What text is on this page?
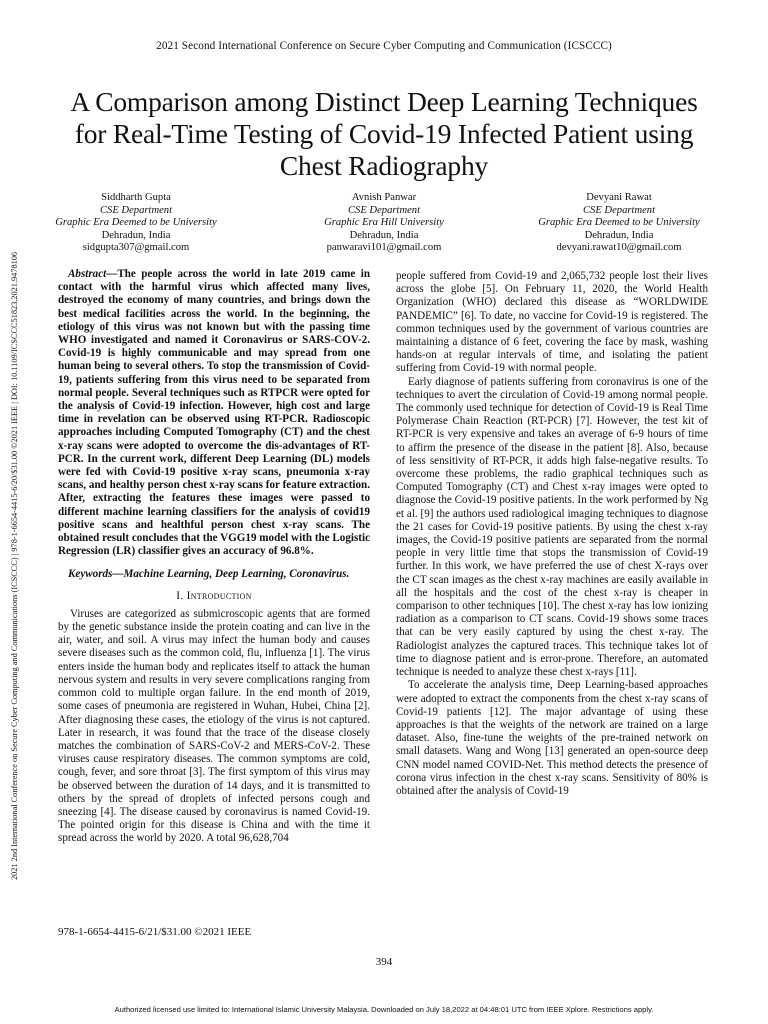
2021 2nd International Conference on Secure Cyber Computing and Communications (ICSCCC) | 978-1-6654-4415-6/20/$31.00 ©2021 IEEE | DOI: 10.1109/ICSCCC51823.2021.9478106
2021 Second International Conference on Secure Cyber Computing and Communication (ICSCCC)
A Comparison among Distinct Deep Learning Techniques for Real-Time Testing of Covid-19 Infected Patient using Chest Radiography
Siddharth Gupta
CSE Department
Graphic Era Deemed to be University
Dehradun, India
sidgupta307@gmail.com
Avnish Panwar
CSE Department
Graphic Era Hill University
Dehradun, India
panwaravi101@gmail.com
Devyani Rawat
CSE Department
Graphic Era Deemed to be University
Dehradun, India
devyani.rawat10@gmail.com

Abstract—The people across the world in late 2019 came in contact with the harmful virus which affected many lives, destroyed the economy of many countries, and brings down the best medical facilities across the world. In the beginning, the etiology of this virus was not known but with the passing time WHO investigated and named it Coronavirus or SARS-COV-2. Covid-19 is highly communicable and may spread from one human being to several others. To stop the transmission of Covid-19, patients suffering from this virus need to be separated from normal people. Several techniques such as RTPCR were opted for the analysis of Covid-19 infection. However, high cost and large time in revelation can be observed using RT-PCR. Radioscopic approaches including Computed Tomography (CT) and the chest x-ray scans were adopted to overcome the dis-advantages of RT-PCR. In the current work, different Deep Learning (DL) models were fed with Covid-19 positive x-ray scans, pneumonia x-ray scans, and healthy person chest x-ray scans for feature extraction. After, extracting the features these images were passed to different machine learning classifiers for the analysis of covid19 positive scans and healthful person chest x-ray scans. The obtained result concludes that the VGG19 model with the Logistic Regression (LR) classifier gives an accuracy of 96.8%.

Keywords—Machine Learning, Deep Learning, Coronavirus.

I. Introduction

Viruses are categorized as submicroscopic agents that are formed by the genetic substance inside the protein coating and can live in the air, water, and soil. A virus may infect the human body and causes severe diseases such as the common cold, flu, influenza [1]. The virus enters inside the human body and replicates itself to attack the human nervous system and results in very severe complications ranging from common cold to multiple organ failure. In the end month of 2019, some cases of pneumonia are registered in Wuhan, Hubei, China [2]. After diagnosing these cases, the etiology of the virus is not captured. Later in research, it was found that the trace of the disease closely matches the combination of SARS-CoV-2 and MERS-CoV-2. These viruses cause respiratory diseases. The common symptoms are cold, cough, fever, and sore throat [3]. The first symptom of this virus may be observed between the duration of 14 days, and it is transmitted to others by the spread of droplets of infected persons cough and sneezing [4]. The disease caused by coronavirus is named Covid-19. The pointed origin for this disease is China and with the time it spread across the world by 2020. A total 96,628,704

people suffered from Covid-19 and 2,065,732 people lost their lives across the globe [5]. On February 11, 2020, the World Health Organization (WHO) declared this disease as “WORLDWIDE PANDEMIC” [6]. To date, no vaccine for Covid-19 is registered. The common techniques used by the government of various countries are maintaining a distance of 6 feet, covering the face by mask, washing hands-on at regular intervals of time, and isolating the patient suffering from Covid-19 with normal people.

Early diagnose of patients suffering from coronavirus is one of the techniques to avert the circulation of Covid-19 among normal people. The commonly used technique for detection of Covid-19 is Real Time Polymerase Chain Reaction (RT-PCR) [7]. However, the test kit of RT-PCR is very expensive and takes an average of 6-9 hours of time to affirm the presence of the disease in the patient [8]. Also, because of less sensitivity of RT-PCR, it adds high false-negative results. To overcome these problems, the radio graphical techniques such as Computed Tomography (CT) and Chest x-ray images were opted to diagnose the Covid-19 positive patients. In the work performed by Ng et al. [9] the authors used radiological imaging techniques to diagnose the 21 cases for Covid-19 positive patients. By using the chest x-ray images, the Covid-19 positive patients are separated from the normal people in very little time that stops the transmission of Covid-19 further. In this work, we have preferred the use of chest X-rays over the CT scan images as the chest x-ray machines are easily available in all the hospitals and the cost of the chest x-ray is cheaper in comparison to other techniques [10]. The chest x-ray has low ionizing radiation as a comparison to CT scans. Covid-19 shows some traces that can be very easily captured by using the chest x-ray. The Radiologist analyzes the captured traces. This technique takes lot of time to diagnose patient and is error-prone. Therefore, an automated technique is needed to analyze these chest x-rays [11].

To accelerate the analysis time, Deep Learning-based approaches were adopted to extract the components from the chest x-ray scans of Covid-19 patients [12]. The major advantage of using these approaches is that the weights of the network are trained on a large dataset. Also, fine-tune the weights of the pre-trained network on small datasets. Wang and Wong [13] generated an open-source deep CNN model named COVID-Net. This method detects the presence of corona virus infection in the chest x-ray scans. Sensitivity of 80% is obtained after the analysis of Covid-19

978-1-6654-4415-6/21/$31.00 ©2021 IEEE
394
Authorized licensed use limited to: International Islamic University Malaysia. Downloaded on July 18,2022 at 04:48:01 UTC from IEEE Xplore. Restrictions apply.
